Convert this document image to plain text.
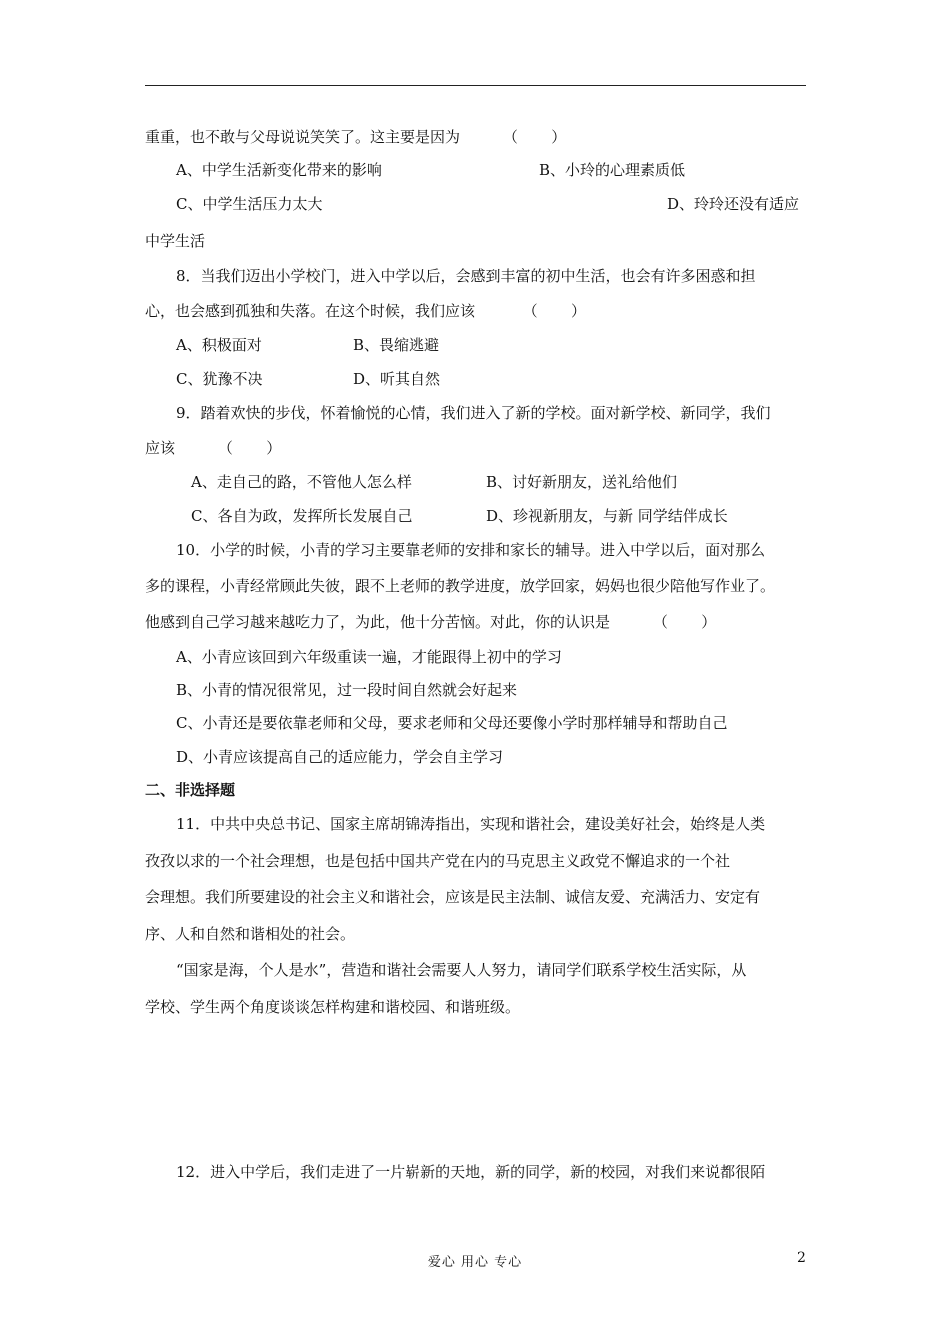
重重，也不敢与父母说说笑笑了。这主要是因为         （       ）
A、中学生活新变化带来的影响	B、小玲的心理素质低
C、中学生活压力太大	D、玲玲还没有适应
中学生活
8．当我们迈出小学校门，进入中学以后，会感到丰富的初中生活，也会有许多困惑和担
心，也会感到孤独和失落。在这个时候，我们应该          （       ）
A、积极面对	B、畏缩逃避
C、犹豫不决	D、听其自然
9．踏着欢快的步伐，怀着愉悦的心情，我们进入了新的学校。面对新学校、新同学，我们
应该         （       ）
A、走自己的路，不管他人怎么样	B、讨好新朋友，送礼给他们
C、各自为政，发挥所长发展自己	D、珍视新朋友，与新 同学结伴成长
10．小学的时候，小青的学习主要靠老师的安排和家长的辅导。进入中学以后，面对那么
多的课程，小青经常顾此失彼，跟不上老师的教学进度，放学回家，妈妈也很少陪他写作业了。
他感到自己学习越来越吃力了，为此，他十分苦恼。对此，你的认识是         （       ）
A、小青应该回到六年级重读一遍，才能跟得上初中的学习
B、小青的情况很常见，过一段时间自然就会好起来
C、小青还是要依靠老师和父母，要求老师和父母还要像小学时那样辅导和帮助自己
D、小青应该提高自己的适应能力，学会自主学习
二、非选择题
11．中共中央总书记、国家主席胡锦涛指出，实现和谐社会，建设美好社会，始终是人类
孜孜以求的一个社会理想，也是包括中国共产党在内的马克思主义政党不懈追求的一个社
会理想。我们所要建设的社会主义和谐社会，应该是民主法制、诚信友爱、充满活力、安定有
序、人和自然和谐相处的社会。
“国家是海，个人是水”，营造和谐社会需要人人努力，请同学们联系学校生活实际，从
学校、学生两个角度谈谈怎样构建和谐校园、和谐班级。
12．进入中学后，我们走进了一片崭新的天地，新的同学，新的校园，对我们来说都很陌
爱心 用心 专心	2
